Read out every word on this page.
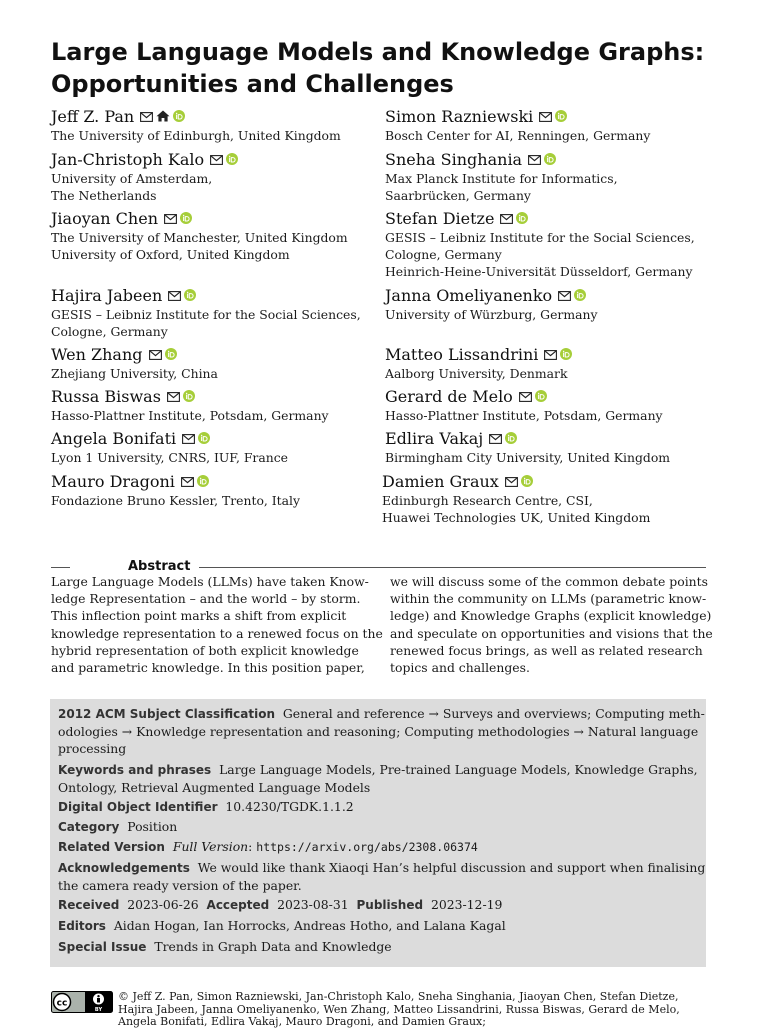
Large Language Models and Knowledge Graphs:
Opportunities and Challenges
Jeff Z. Pan
The University of Edinburgh, United Kingdom
Simon Razniewski
Bosch Center for AI, Renningen, Germany
Jan-Christoph Kalo
University of Amsterdam,
The Netherlands
Sneha Singhania
Max Planck Institute for Informatics,
Saarbrücken, Germany
Jiaoyan Chen
The University of Manchester, United Kingdom
University of Oxford, United Kingdom
Stefan Dietze
GESIS – Leibniz Institute for the Social Sciences,
Cologne, Germany
Heinrich-Heine-Universität Düsseldorf, Germany
Hajira Jabeen
GESIS – Leibniz Institute for the Social Sciences,
Cologne, Germany
Janna Omeliyanenko
University of Würzburg, Germany
Wen Zhang
Zhejiang University, China
Matteo Lissandrini
Aalborg University, Denmark
Russa Biswas
Hasso-Plattner Institute, Potsdam, Germany
Gerard de Melo
Hasso-Plattner Institute, Potsdam, Germany
Angela Bonifati
Lyon 1 University, CNRS, IUF, France
Edlira Vakaj
Birmingham City University, United Kingdom
Mauro Dragoni
Fondazione Bruno Kessler, Trento, Italy
Damien Graux
Edinburgh Research Centre, CSI,
Huawei Technologies UK, United Kingdom
Abstract
Large Language Models (LLMs) have taken Know-
ledge Representation – and the world – by storm.
This inflection point marks a shift from explicit
knowledge representation to a renewed focus on the
hybrid representation of both explicit knowledge
and parametric knowledge. In this position paper,
we will discuss some of the common debate points
within the community on LLMs (parametric know-
ledge) and Knowledge Graphs (explicit knowledge)
and speculate on opportunities and visions that the
renewed focus brings, as well as related research
topics and challenges.
2012 ACM Subject Classification General and reference → Surveys and overviews; Computing meth-
odologies → Knowledge representation and reasoning; Computing methodologies → Natural language
processing
Keywords and phrases Large Language Models, Pre-trained Language Models, Knowledge Graphs,
Ontology, Retrieval Augmented Language Models
Digital Object Identifier 10.4230/TGDK.1.1.2
Category Position
Related Version Full Version: https://arxiv.org/abs/2308.06374
Acknowledgements We would like thank Xiaoqi Han’s helpful discussion and support when finalising
the camera ready version of the paper.
Received 2023-06-26 Accepted 2023-08-31 Published 2023-12-19
Editors Aidan Hogan, Ian Horrocks, Andreas Hotho, and Lalana Kagal
Special Issue Trends in Graph Data and Knowledge
cc
BY
© Jeff Z. Pan, Simon Razniewski, Jan-Christoph Kalo, Sneha Singhania, Jiaoyan Chen, Stefan Dietze,
Hajira Jabeen, Janna Omeliyanenko, Wen Zhang, Matteo Lissandrini, Russa Biswas, Gerard de Melo,
Angela Bonifati, Edlira Vakaj, Mauro Dragoni, and Damien Graux;
